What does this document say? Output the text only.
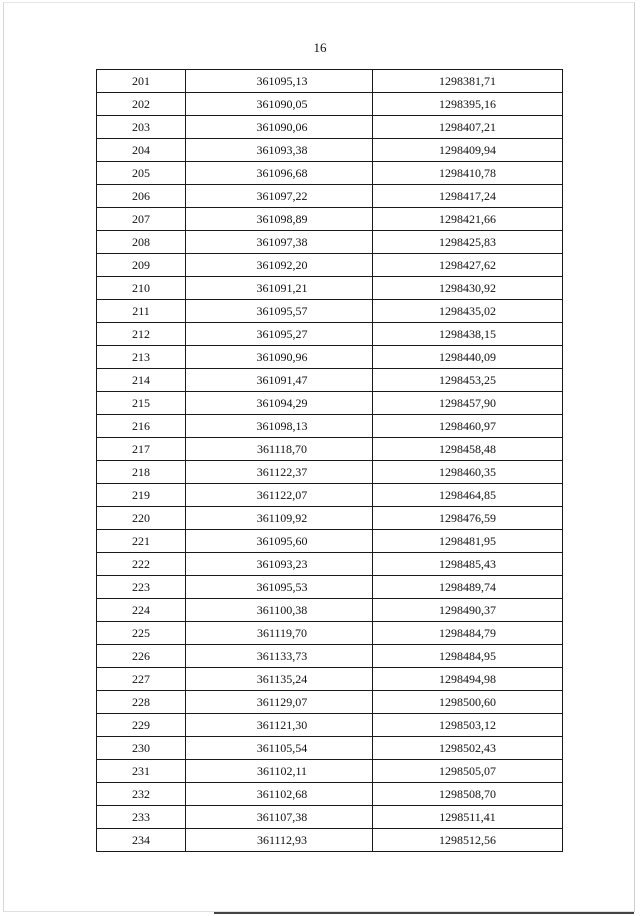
16
201	361095,13	1298381,71
202	361090,05	1298395,16
203	361090,06	1298407,21
204	361093,38	1298409,94
205	361096,68	1298410,78
206	361097,22	1298417,24
207	361098,89	1298421,66
208	361097,38	1298425,83
209	361092,20	1298427,62
210	361091,21	1298430,92
211	361095,57	1298435,02
212	361095,27	1298438,15
213	361090,96	1298440,09
214	361091,47	1298453,25
215	361094,29	1298457,90
216	361098,13	1298460,97
217	361118,70	1298458,48
218	361122,37	1298460,35
219	361122,07	1298464,85
220	361109,92	1298476,59
221	361095,60	1298481,95
222	361093,23	1298485,43
223	361095,53	1298489,74
224	361100,38	1298490,37
225	361119,70	1298484,79
226	361133,73	1298484,95
227	361135,24	1298494,98
228	361129,07	1298500,60
229	361121,30	1298503,12
230	361105,54	1298502,43
231	361102,11	1298505,07
232	361102,68	1298508,70
233	361107,38	1298511,41
234	361112,93	1298512,56
